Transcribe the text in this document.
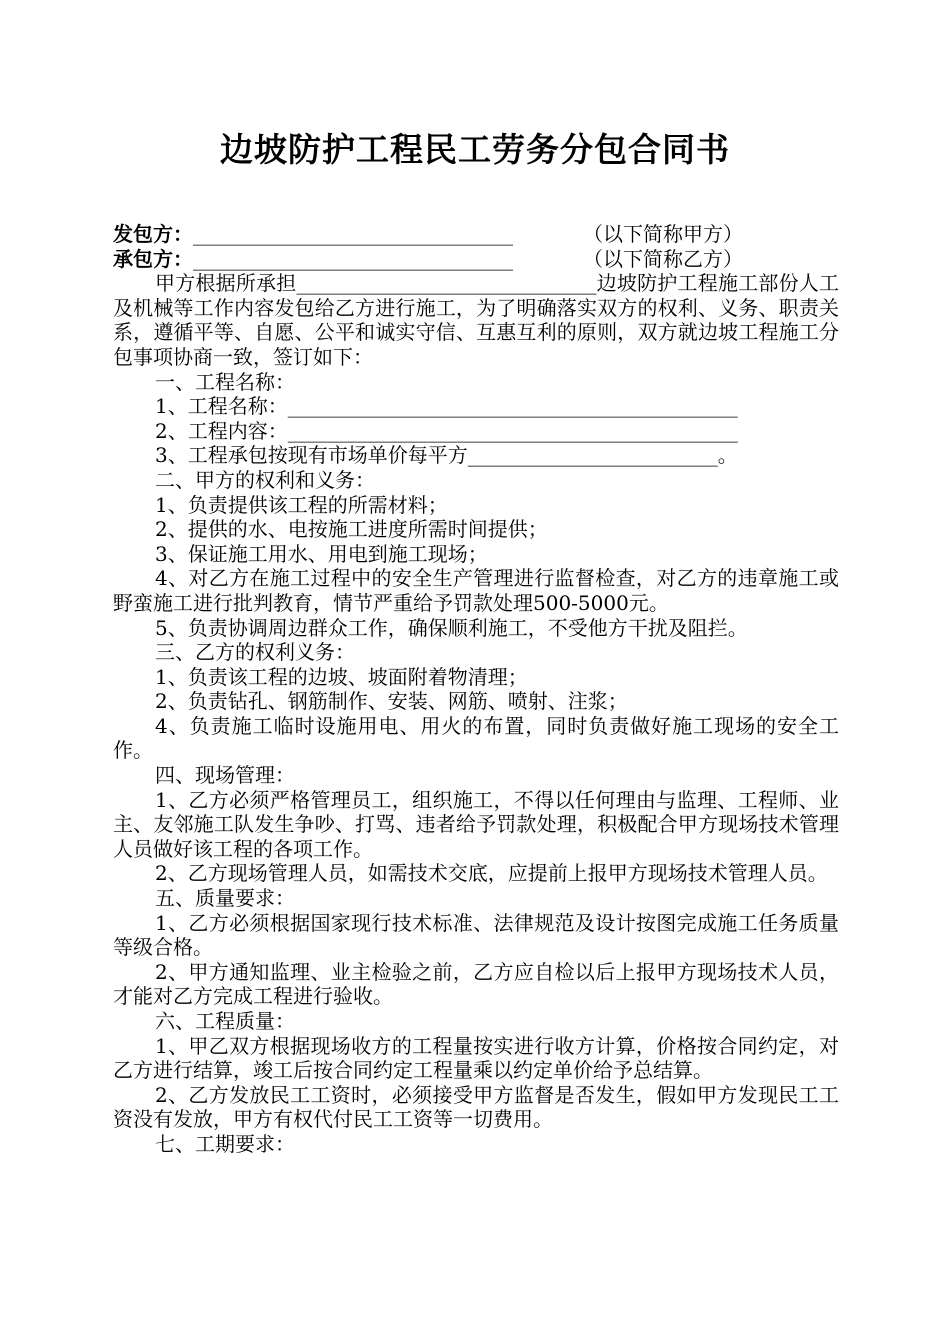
边坡防护工程民工劳务分包合同书
发包方：________________________________	（以下简称甲方）
承包方：________________________________	（以下简称乙方）
甲方根据所承担______________________________边坡防护工程施工部份人工及机械等工作内容发包给乙方进行施工，为了明确落实双方的权利、义务、职责关系，遵循平等、自愿、公平和诚实守信、互惠互利的原则，双方就边坡工程施工分包事项协商一致，签订如下：
一、工程名称：
1、工程名称：_____________________________________________
2、工程内容：_____________________________________________
3、工程承包按现有市场单价每平方_________________________。
二、甲方的权利和义务：
1、负责提供该工程的所需材料；
2、提供的水、电按施工进度所需时间提供；
3、保证施工用水、用电到施工现场；
4、对乙方在施工过程中的安全生产管理进行监督检查，对乙方的违章施工或野蛮施工进行批判教育，情节严重给予罚款处理500-5000元。
5、负责协调周边群众工作，确保顺利施工，不受他方干扰及阻拦。
三、乙方的权利义务：
1、负责该工程的边坡、坡面附着物清理；
2、负责钻孔、钢筋制作、安装、网筋、喷射、注浆；
4、负责施工临时设施用电、用火的布置，同时负责做好施工现场的安全工作。
四、现场管理：
1、乙方必须严格管理员工，组织施工，不得以任何理由与监理、工程师、业主、友邻施工队发生争吵、打骂、违者给予罚款处理，积极配合甲方现场技术管理人员做好该工程的各项工作。
2、乙方现场管理人员，如需技术交底，应提前上报甲方现场技术管理人员。
五、质量要求：
1、乙方必须根据国家现行技术标准、法律规范及设计按图完成施工任务质量等级合格。
2、甲方通知监理、业主检验之前，乙方应自检以后上报甲方现场技术人员，才能对乙方完成工程进行验收。
六、工程质量：
1、甲乙双方根据现场收方的工程量按实进行收方计算，价格按合同约定，对乙方进行结算，竣工后按合同约定工程量乘以约定单价给予总结算。
2、乙方发放民工工资时，必须接受甲方监督是否发生，假如甲方发现民工工资没有发放，甲方有权代付民工工资等一切费用。
七、工期要求：
